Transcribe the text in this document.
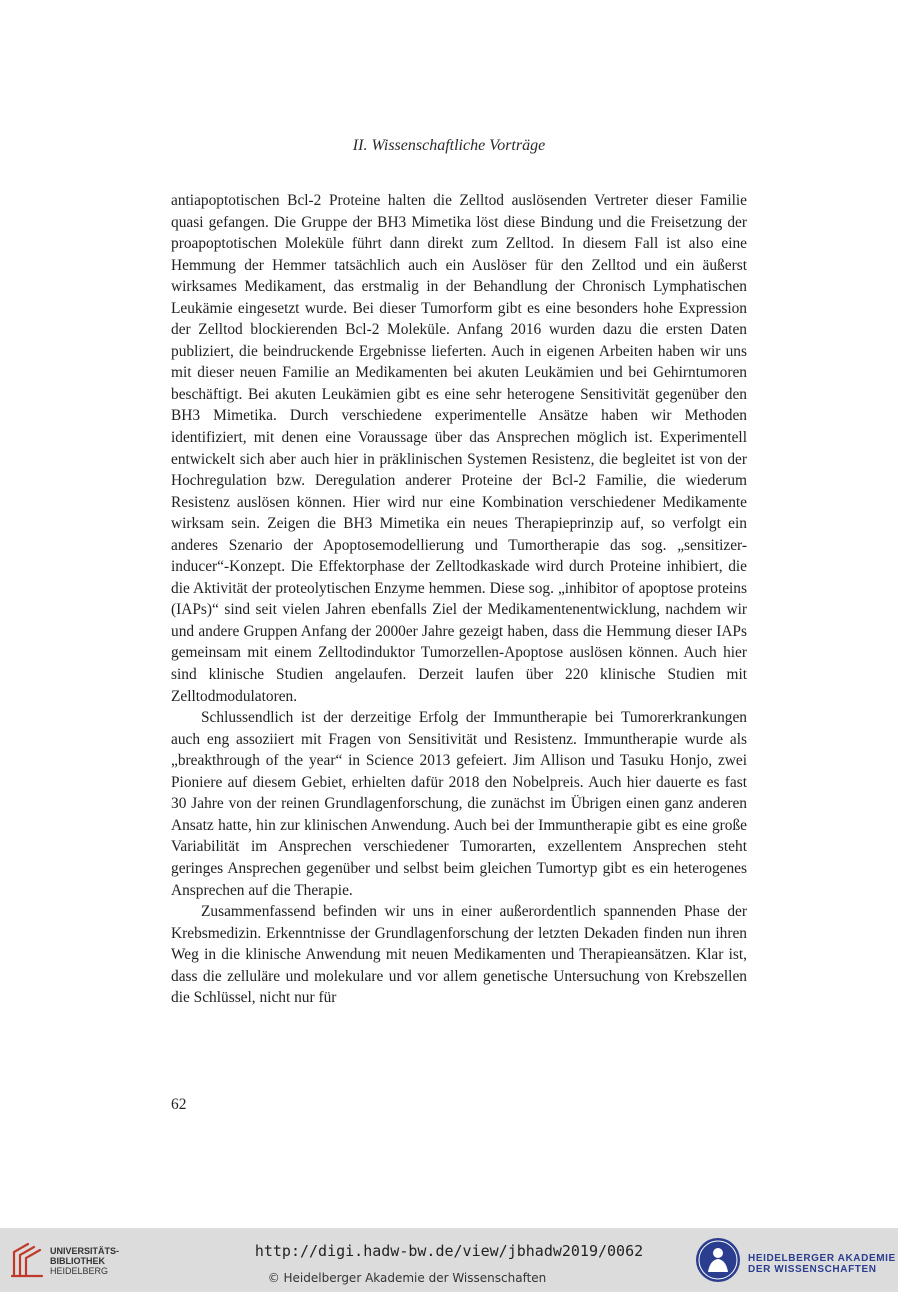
II. Wissenschaftliche Vorträge

antiapoptotischen Bcl-2 Proteine halten die Zelltod auslösenden Vertreter dieser Familie quasi gefangen. Die Gruppe der BH3 Mimetika löst diese Bindung und die Freisetzung der proapoptotischen Moleküle führt dann direkt zum Zelltod. In diesem Fall ist also eine Hemmung der Hemmer tatsächlich auch ein Auslöser für den Zelltod und ein äußerst wirksames Medikament, das erstmalig in der Behandlung der Chronisch Lymphatischen Leukämie eingesetzt wurde. Bei dieser Tumorform gibt es eine besonders hohe Expression der Zelltod blockierenden Bcl-2 Moleküle. Anfang 2016 wurden dazu die ersten Daten publiziert, die beindruckende Ergebnisse lieferten. Auch in eigenen Arbeiten haben wir uns mit dieser neuen Familie an Medikamenten bei akuten Leukämien und bei Gehirntumoren beschäftigt. Bei akuten Leukämien gibt es eine sehr heterogene Sensitivität gegenüber den BH3 Mimetika. Durch verschiedene experimentelle Ansätze haben wir Methoden identifiziert, mit denen eine Voraussage über das Ansprechen möglich ist. Experimentell entwickelt sich aber auch hier in präklinischen Systemen Resistenz, die begleitet ist von der Hochregulation bzw. Deregulation anderer Proteine der Bcl-2 Familie, die wiederum Resistenz auslösen können. Hier wird nur eine Kombination verschiedener Medikamente wirksam sein. Zeigen die BH3 Mimetika ein neues Therapieprinzip auf, so verfolgt ein anderes Szenario der Apoptosemodellierung und Tumortherapie das sog. „sensitizer-inducer“-Konzept. Die Effektorphase der Zelltodkaskade wird durch Proteine inhibiert, die die Aktivität der proteolytischen Enzyme hemmen. Diese sog. „inhibitor of apoptose proteins (IAPs)“ sind seit vielen Jahren ebenfalls Ziel der Medikamentenentwicklung, nachdem wir und andere Gruppen Anfang der 2000er Jahre gezeigt haben, dass die Hemmung dieser IAPs gemeinsam mit einem Zelltodinduktor Tumorzellen-Apoptose auslösen können. Auch hier sind klinische Studien angelaufen. Derzeit laufen über 220 klinische Studien mit Zelltodmodulatoren.

Schlussendlich ist der derzeitige Erfolg der Immuntherapie bei Tumorerkrankungen auch eng assoziiert mit Fragen von Sensitivität und Resistenz. Immuntherapie wurde als „breakthrough of the year“ in Science 2013 gefeiert. Jim Allison und Tasuku Honjo, zwei Pioniere auf diesem Gebiet, erhielten dafür 2018 den Nobelpreis. Auch hier dauerte es fast 30 Jahre von der reinen Grundlagenforschung, die zunächst im Übrigen einen ganz anderen Ansatz hatte, hin zur klinischen Anwendung. Auch bei der Immuntherapie gibt es eine große Variabilität im Ansprechen verschiedener Tumorarten, exzellentem Ansprechen steht geringes Ansprechen gegenüber und selbst beim gleichen Tumortyp gibt es ein heterogenes Ansprechen auf die Therapie.

Zusammenfassend befinden wir uns in einer außerordentlich spannenden Phase der Krebsmedizin. Erkenntnisse der Grundlagenforschung der letzten Dekaden finden nun ihren Weg in die klinische Anwendung mit neuen Medikamenten und Therapieansätzen. Klar ist, dass die zelluläre und molekulare und vor allem genetische Untersuchung von Krebszellen die Schlüssel, nicht nur für

62
UNIVERSITÄTS-
BIBLIOTHEK
HEIDELBERG
http://digi.hadw-bw.de/view/jbhadw2019/0062
© Heidelberger Akademie der Wissenschaften
HEIDELBERGER AKADEMIE
DER WISSENSCHAFTEN
